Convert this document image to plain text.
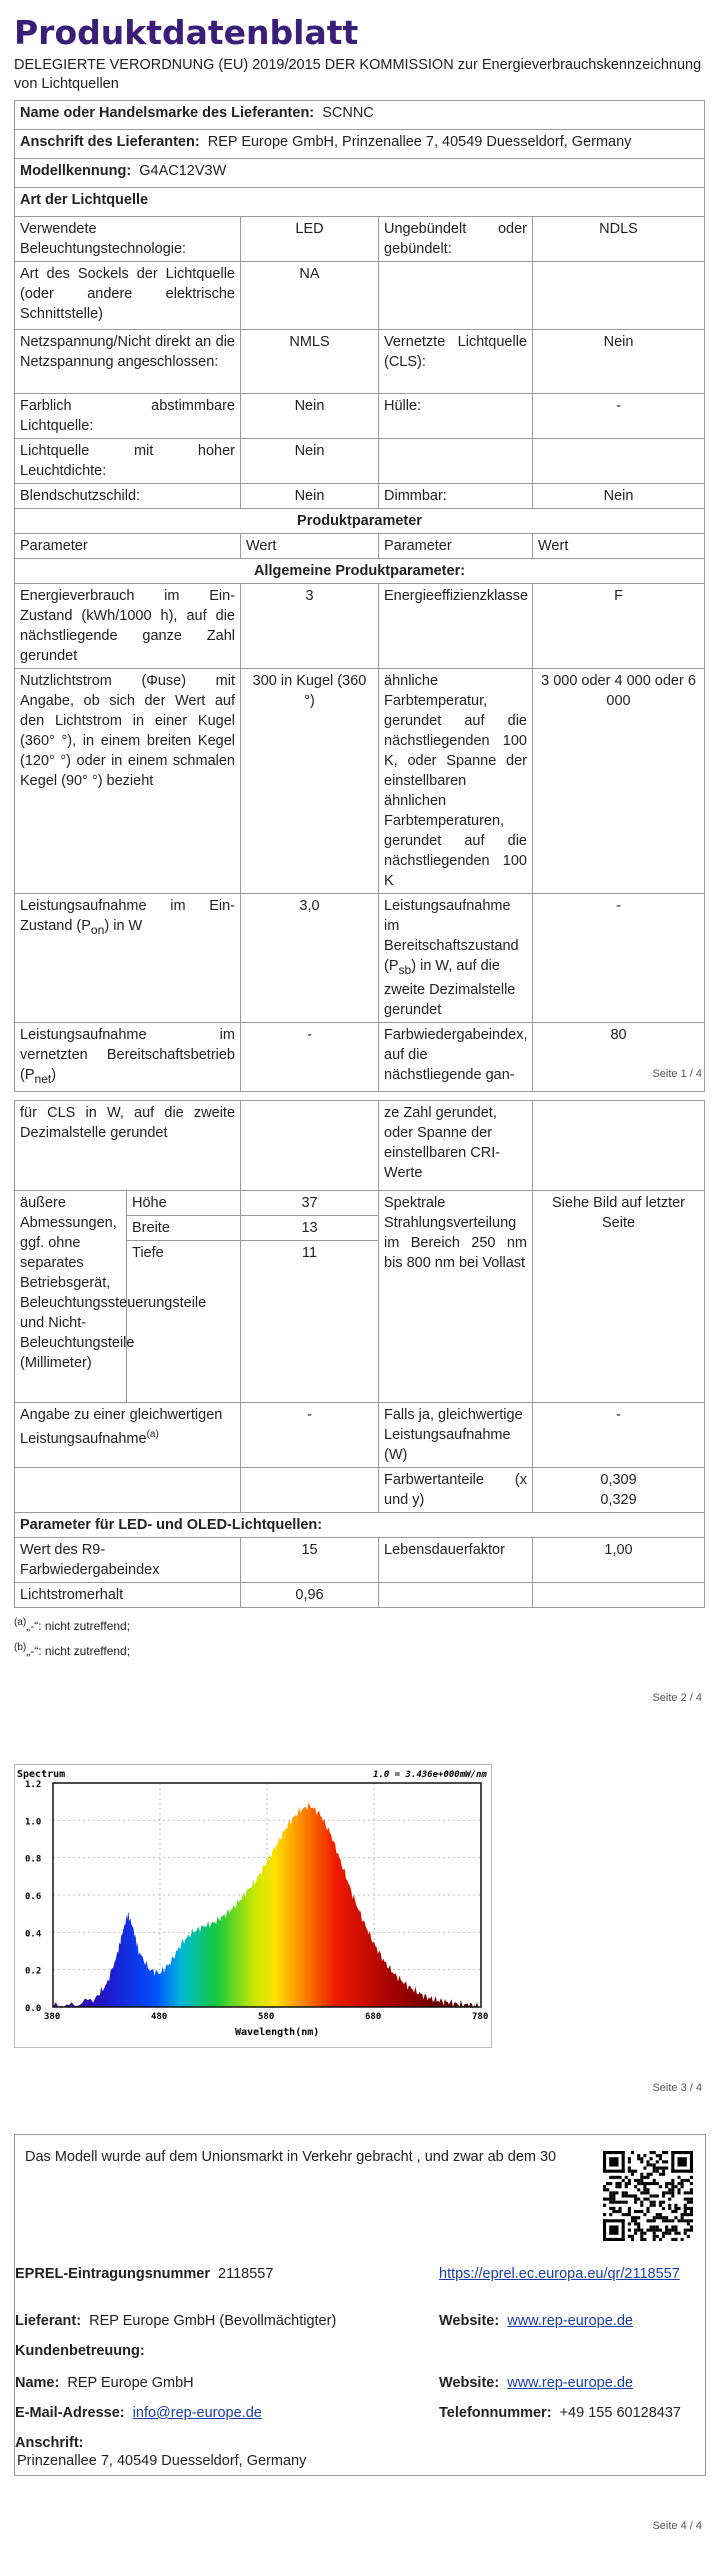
Produktdatenblatt
DELEGIERTE VERORDNUNG (EU) 2019/2015 DER KOMMISSION zur Energieverbrauchskennzeichnung von Lichtquellen
Name oder Handelsmarke des Lieferanten: SCNNC			
Anschrift des Lieferanten: REP Europe GmbH, Prinzenallee 7, 40549 Duesseldorf, Germany			
Modellkennung: G4AC12V3W			
Art der Lichtquelle			
Verwendete Beleuchtungstechnologie:	LED	Ungebündelt oder gebündelt:	NDLS
Art des Sockels der Lichtquelle (oder andere elektrische Schnittstelle)	NA		
Netzspannung/Nicht direkt an die Netzspannung angeschlossen:	NMLS	Vernetzte Lichtquelle (CLS):	Nein
Farblich abstimmbare Lichtquelle:	Nein	Hülle:	-
Lichtquelle mit hoher Leuchtdichte:	Nein		
Blendschutzschild:	Nein	Dimmbar:	Nein
Produktparameter			
Parameter	Wert	Parameter	Wert
Allgemeine Produktparameter:			
Energieverbrauch im Ein-Zustand (kWh/1000 h), auf die nächstliegende ganze Zahl gerundet	3	Energieeffizienzklasse	F
Nutzlichtstrom (Φuse) mit Angabe, ob sich der Wert auf den Lichtstrom in einer Kugel (360° °), in einem breiten Kegel (120° °) oder in einem schmalen Kegel (90° °) bezieht	300 in Kugel (360 °)	ähnliche Farbtemperatur, gerundet auf die nächstliegenden 100 K, oder Spanne der einstellbaren ähnlichen Farbtemperaturen, gerundet auf die nächstliegenden 100 K	3 000 oder 4 000 oder 6 000
Leistungsaufnahme im Ein-Zustand $(P_{on})$ in W	3,0	Leistungsaufnahme im Bereitschaftszustand $(P_{sb})$ in W, auf die zweite Dezimalstelle gerundet	-
Leistungsaufnahme im vernetzten Bereitschaftsbetrieb $(P_{net})$	-	Farbwiedergabeindex, auf die nächstliegende gan-	80
Seite 1 / 4
für CLS in W, auf die zweite Dezimalstelle gerundet			ze Zahl gerundet, oder Spanne der einstellbaren CRI-Werte	
äußere Abmessungen, ggf. ohne separates Betriebsgerät, Beleuchtungssteuerungsteile und Nicht-Beleuchtungsteile (Millimeter)	Höhe	37	Spektrale Strahlungsverteilung im Bereich 250 nm bis 800 nm bei Vollast	Siehe Bild auf letzter Seite
	Breite	13		
	Tiefe	11		
Angabe zu einer gleichwertigen Leistungsaufnahme$^{(a)}$		-	Falls ja, gleichwertige Leistungsaufnahme (W)	-
			Farbwertanteile (x und y)	0,309
0,329

Parameter für LED- und OLED-Lichtquellen:				
Wert des R9-Farbwiedergabeindex		15	Lebensdauerfaktor	1,00
Lichtstromerhalt		0,96		
$^{(a)}$„-“: nicht zutreffend;
$^{(b)}$„-“: nicht zutreffend;
Seite 2 / 4
0.0
0.2
0.4
0.6
0.8
1.0
1.2
380	480	580	680	780
Spectrum	1.0 = 3.436e+000mW/nm
Wavelength(nm)
Seite 3 / 4
Das Modell wurde auf dem Unionsmarkt in Verkehr gebracht , und zwar ab dem 30
EPREL-Eintragungsnummer 2118557	https://eprel.ec.europa.eu/qr/2118557
Lieferant: REP Europe GmbH (Bevollmächtigter)	Website: www.rep-europe.de
Kundenbetreuung:
Name: REP Europe GmbH	Website: www.rep-europe.de
E-Mail-Adresse: info@rep-europe.de	Telefonnummer: +49 155 60128437
Anschrift:
Prinzenallee 7, 40549 Duesseldorf, Germany
Seite 4 / 4
